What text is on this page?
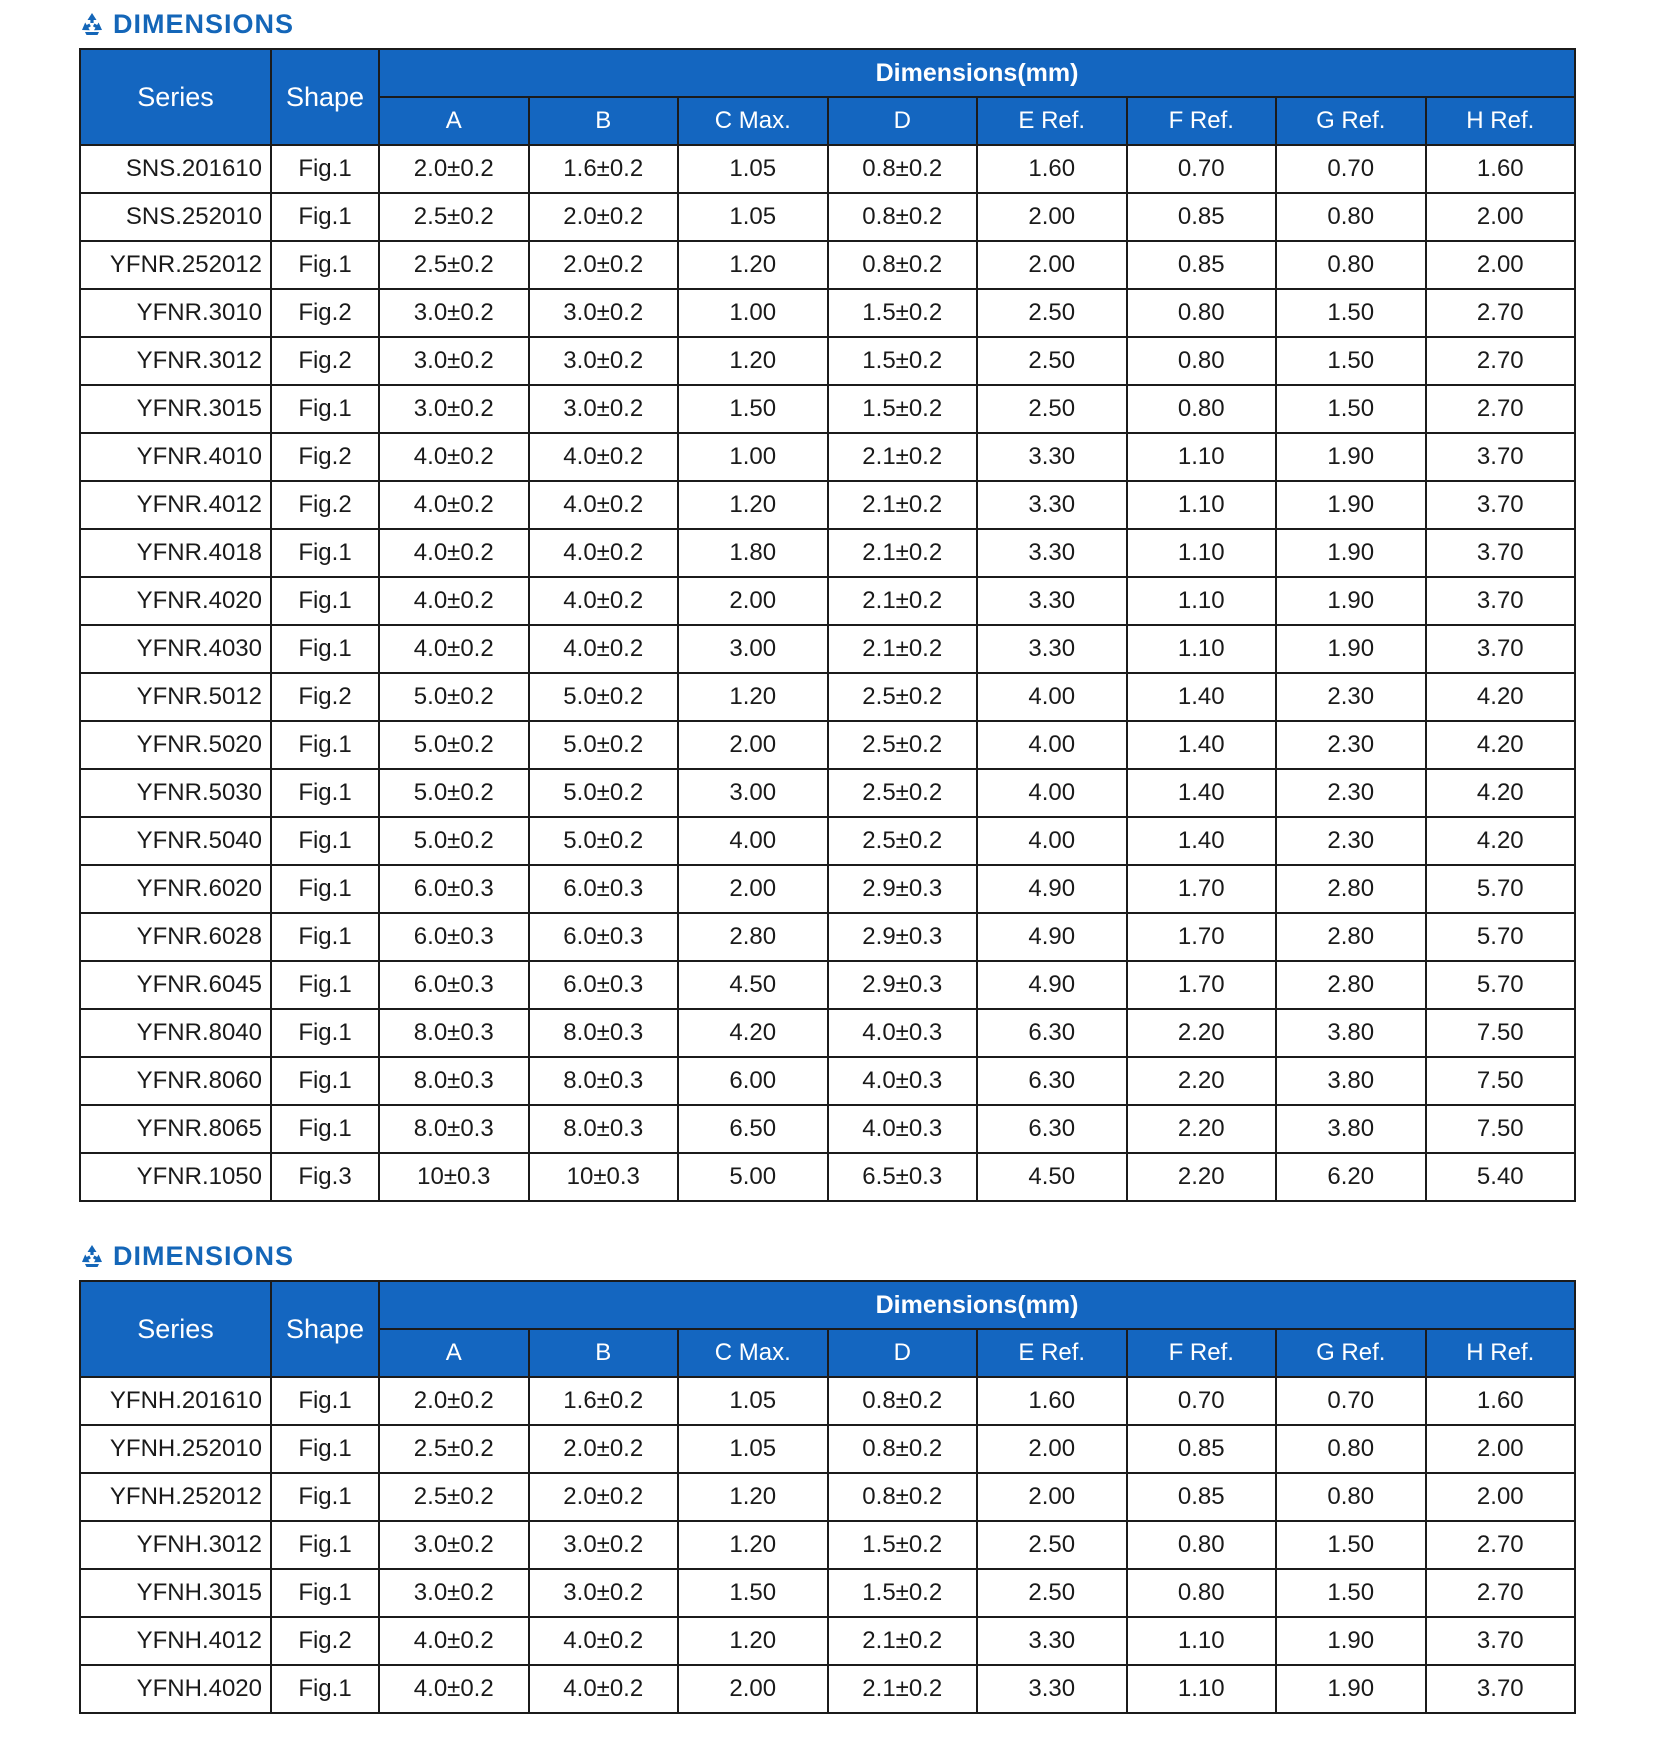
DIMENSIONS
Series	Shape	Dimensions(mm)							
		A	B	C Max.	D	E Ref.	F Ref.	G Ref.	H Ref.
SNS.201610	Fig.1	2.0±0.2	1.6±0.2	1.05	0.8±0.2	1.60	0.70	0.70	1.60
SNS.252010	Fig.1	2.5±0.2	2.0±0.2	1.05	0.8±0.2	2.00	0.85	0.80	2.00
YFNR.252012	Fig.1	2.5±0.2	2.0±0.2	1.20	0.8±0.2	2.00	0.85	0.80	2.00
YFNR.3010	Fig.2	3.0±0.2	3.0±0.2	1.00	1.5±0.2	2.50	0.80	1.50	2.70
YFNR.3012	Fig.2	3.0±0.2	3.0±0.2	1.20	1.5±0.2	2.50	0.80	1.50	2.70
YFNR.3015	Fig.1	3.0±0.2	3.0±0.2	1.50	1.5±0.2	2.50	0.80	1.50	2.70
YFNR.4010	Fig.2	4.0±0.2	4.0±0.2	1.00	2.1±0.2	3.30	1.10	1.90	3.70
YFNR.4012	Fig.2	4.0±0.2	4.0±0.2	1.20	2.1±0.2	3.30	1.10	1.90	3.70
YFNR.4018	Fig.1	4.0±0.2	4.0±0.2	1.80	2.1±0.2	3.30	1.10	1.90	3.70
YFNR.4020	Fig.1	4.0±0.2	4.0±0.2	2.00	2.1±0.2	3.30	1.10	1.90	3.70
YFNR.4030	Fig.1	4.0±0.2	4.0±0.2	3.00	2.1±0.2	3.30	1.10	1.90	3.70
YFNR.5012	Fig.2	5.0±0.2	5.0±0.2	1.20	2.5±0.2	4.00	1.40	2.30	4.20
YFNR.5020	Fig.1	5.0±0.2	5.0±0.2	2.00	2.5±0.2	4.00	1.40	2.30	4.20
YFNR.5030	Fig.1	5.0±0.2	5.0±0.2	3.00	2.5±0.2	4.00	1.40	2.30	4.20
YFNR.5040	Fig.1	5.0±0.2	5.0±0.2	4.00	2.5±0.2	4.00	1.40	2.30	4.20
YFNR.6020	Fig.1	6.0±0.3	6.0±0.3	2.00	2.9±0.3	4.90	1.70	2.80	5.70
YFNR.6028	Fig.1	6.0±0.3	6.0±0.3	2.80	2.9±0.3	4.90	1.70	2.80	5.70
YFNR.6045	Fig.1	6.0±0.3	6.0±0.3	4.50	2.9±0.3	4.90	1.70	2.80	5.70
YFNR.8040	Fig.1	8.0±0.3	8.0±0.3	4.20	4.0±0.3	6.30	2.20	3.80	7.50
YFNR.8060	Fig.1	8.0±0.3	8.0±0.3	6.00	4.0±0.3	6.30	2.20	3.80	7.50
YFNR.8065	Fig.1	8.0±0.3	8.0±0.3	6.50	4.0±0.3	6.30	2.20	3.80	7.50
YFNR.1050	Fig.3	10±0.3	10±0.3	5.00	6.5±0.3	4.50	2.20	6.20	5.40
DIMENSIONS
Series	Shape	Dimensions(mm)							
		A	B	C Max.	D	E Ref.	F Ref.	G Ref.	H Ref.
YFNH.201610	Fig.1	2.0±0.2	1.6±0.2	1.05	0.8±0.2	1.60	0.70	0.70	1.60
YFNH.252010	Fig.1	2.5±0.2	2.0±0.2	1.05	0.8±0.2	2.00	0.85	0.80	2.00
YFNH.252012	Fig.1	2.5±0.2	2.0±0.2	1.20	0.8±0.2	2.00	0.85	0.80	2.00
YFNH.3012	Fig.1	3.0±0.2	3.0±0.2	1.20	1.5±0.2	2.50	0.80	1.50	2.70
YFNH.3015	Fig.1	3.0±0.2	3.0±0.2	1.50	1.5±0.2	2.50	0.80	1.50	2.70
YFNH.4012	Fig.2	4.0±0.2	4.0±0.2	1.20	2.1±0.2	3.30	1.10	1.90	3.70
YFNH.4020	Fig.1	4.0±0.2	4.0±0.2	2.00	2.1±0.2	3.30	1.10	1.90	3.70
